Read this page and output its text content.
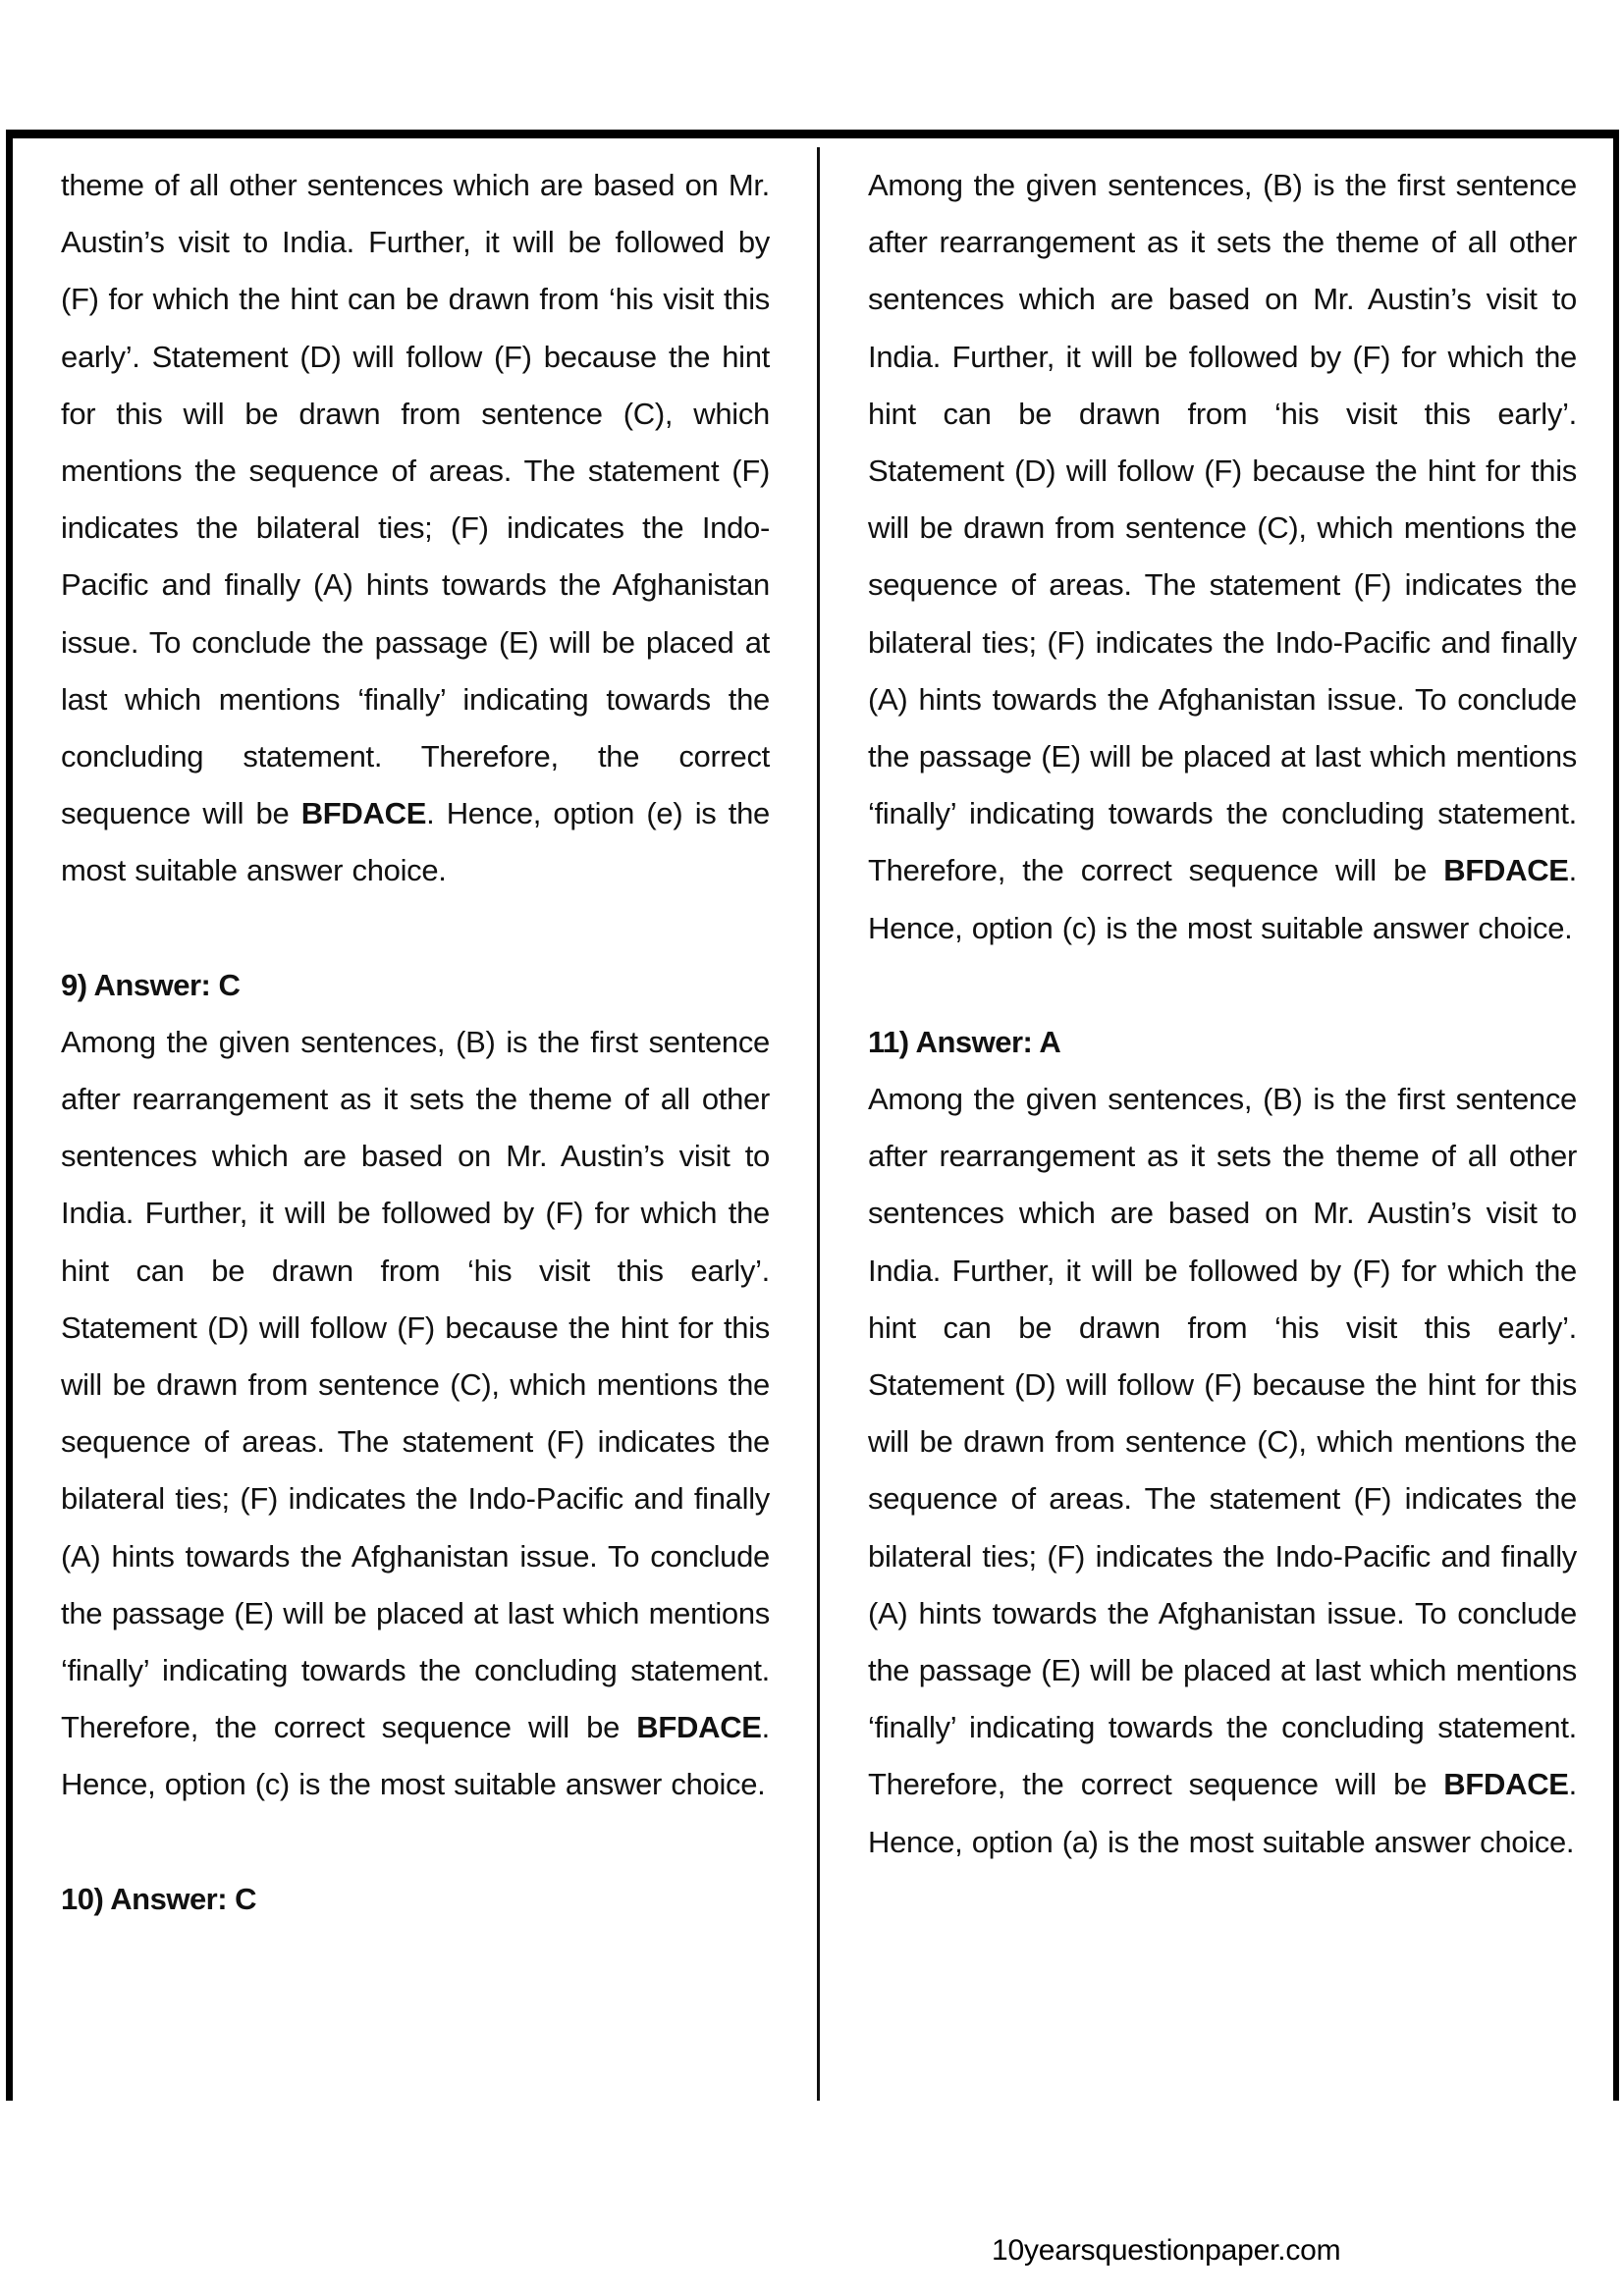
theme of all other sentences which are based on Mr. Austin’s visit to India. Further, it will be followed by (F) for which the hint can be drawn from ‘his visit this early’. Statement (D) will follow (F) because the hint for this will be drawn from sentence (C), which mentions the sequence of areas. The statement (F) indicates the bilateral ties; (F) indicates the Indo-Pacific and finally (A) hints towards the Afghanistan issue. To conclude the passage (E) will be placed at last which mentions ‘finally’ indicating towards the concluding statement. Therefore, the correct sequence will be BFDACE. Hence, option (e) is the most suitable answer choice.

9) Answer: C

Among the given sentences, (B) is the first sentence after rearrangement as it sets the theme of all other sentences which are based on Mr. Austin’s visit to India. Further, it will be followed by (F) for which the hint can be drawn from ‘his visit this early’. Statement (D) will follow (F) because the hint for this will be drawn from sentence (C), which mentions the sequence of areas. The statement (F) indicates the bilateral ties; (F) indicates the Indo-Pacific and finally (A) hints towards the Afghanistan issue. To conclude the passage (E) will be placed at last which mentions ‘finally’ indicating towards the concluding statement. Therefore, the correct sequence will be BFDACE. Hence, option (c) is the most suitable answer choice.

10) Answer: C

Among the given sentences, (B) is the first sentence after rearrangement as it sets the theme of all other sentences which are based on Mr. Austin’s visit to India. Further, it will be followed by (F) for which the hint can be drawn from ‘his visit this early’. Statement (D) will follow (F) because the hint for this will be drawn from sentence (C), which mentions the sequence of areas. The statement (F) indicates the bilateral ties; (F) indicates the Indo-Pacific and finally (A) hints towards the Afghanistan issue. To conclude the passage (E) will be placed at last which mentions ‘finally’ indicating towards the concluding statement. Therefore, the correct sequence will be BFDACE. Hence, option (c) is the most suitable answer choice.

11) Answer: A

Among the given sentences, (B) is the first sentence after rearrangement as it sets the theme of all other sentences which are based on Mr. Austin’s visit to India. Further, it will be followed by (F) for which the hint can be drawn from ‘his visit this early’. Statement (D) will follow (F) because the hint for this will be drawn from sentence (C), which mentions the sequence of areas. The statement (F) indicates the bilateral ties; (F) indicates the Indo-Pacific and finally (A) hints towards the Afghanistan issue. To conclude the passage (E) will be placed at last which mentions ‘finally’ indicating towards the concluding statement. Therefore, the correct sequence will be BFDACE. Hence, option (a) is the most suitable answer choice.

10yearsquestionpaper.com
